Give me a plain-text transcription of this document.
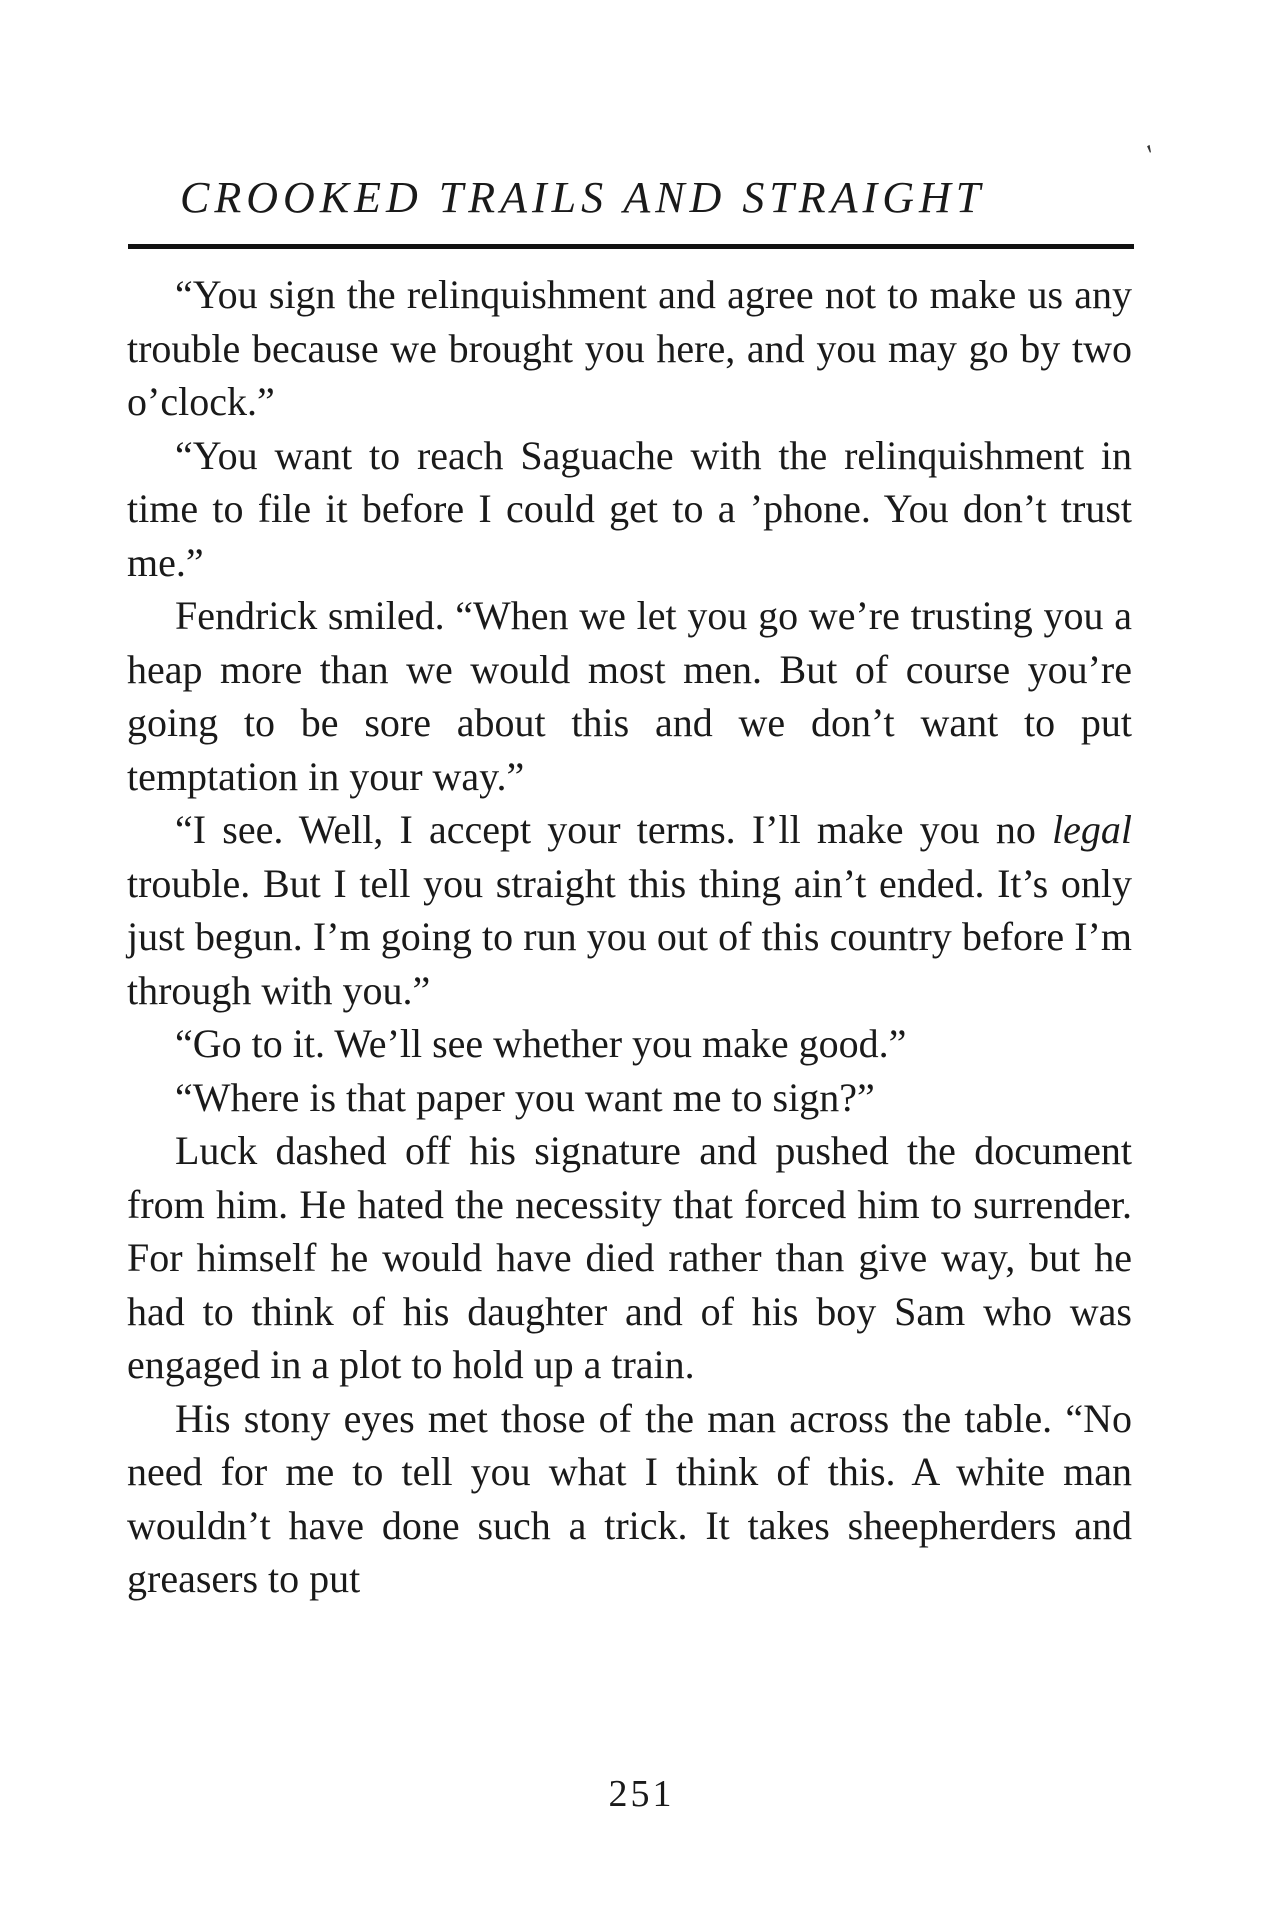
′
CROOKED TRAILS AND STRAIGHT

“You sign the relinquishment and agree not to make us any trouble because we brought you here, and you may go by two o’clock.”

“You want to reach Saguache with the relinquishment in time to file it before I could get to a ’phone. You don’t trust me.”

Fendrick smiled. “When we let you go we’re trusting you a heap more than we would most men. But of course you’re going to be sore about this and we don’t want to put temptation in your way.”

“I see. Well, I accept your terms. I’ll make you no legal trouble. But I tell you straight this thing ain’t ended. It’s only just begun. I’m going to run you out of this country before I’m through with you.”

“Go to it. We’ll see whether you make good.”

“Where is that paper you want me to sign?”

Luck dashed off his signature and pushed the document from him. He hated the necessity that forced him to surrender. For himself he would have died rather than give way, but he had to think of his daughter and of his boy Sam who was engaged in a plot to hold up a train.

His stony eyes met those of the man across the table. “No need for me to tell you what I think of this. A white man wouldn’t have done such a trick. It takes sheepherders and greasers to put

251
